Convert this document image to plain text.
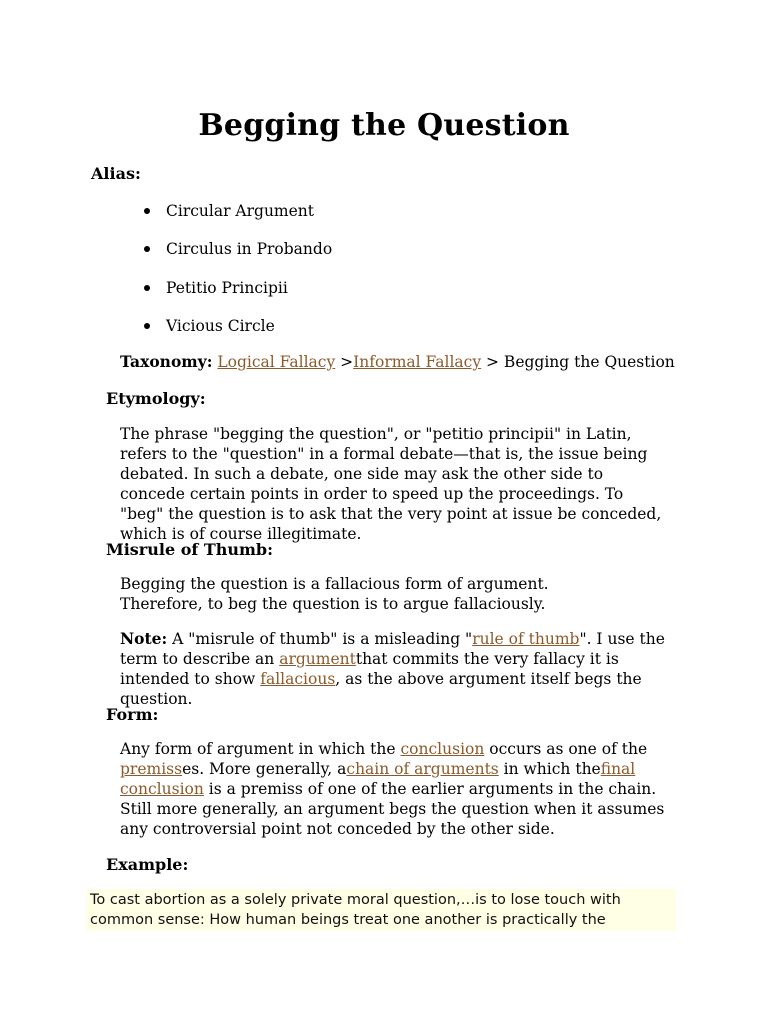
Begging the Question

Alias:

Circular Argument
Circulus in Probando
Petitio Principii
Vicious Circle

Taxonomy: Logical Fallacy >Informal Fallacy > Begging the Question

Etymology:

The phrase "begging the question", or "petitio principii" in Latin, refers to the "question" in a formal debate—that is, the issue being debated. In such a debate, one side may ask the other side to concede certain points in order to speed up the proceedings. To "beg" the question is to ask that the very point at issue be conceded, which is of course illegitimate.

Misrule of Thumb:

Begging the question is a fallacious form of argument.
Therefore, to beg the question is to argue fallaciously.

Note: A "misrule of thumb" is a misleading "rule of thumb". I use the term to describe an argumentthat commits the very fallacy it is intended to show fallacious, as the above argument itself begs the question.

Form:

Any form of argument in which the conclusion occurs as one of the premisses. More generally, achain of arguments in which thefinal conclusion is a premiss of one of the earlier arguments in the chain. Still more generally, an argument begs the question when it assumes any controversial point not conceded by the other side.

Example:

To cast abortion as a solely private moral question,…is to lose touch with common sense: How human beings treat one another is practically the
